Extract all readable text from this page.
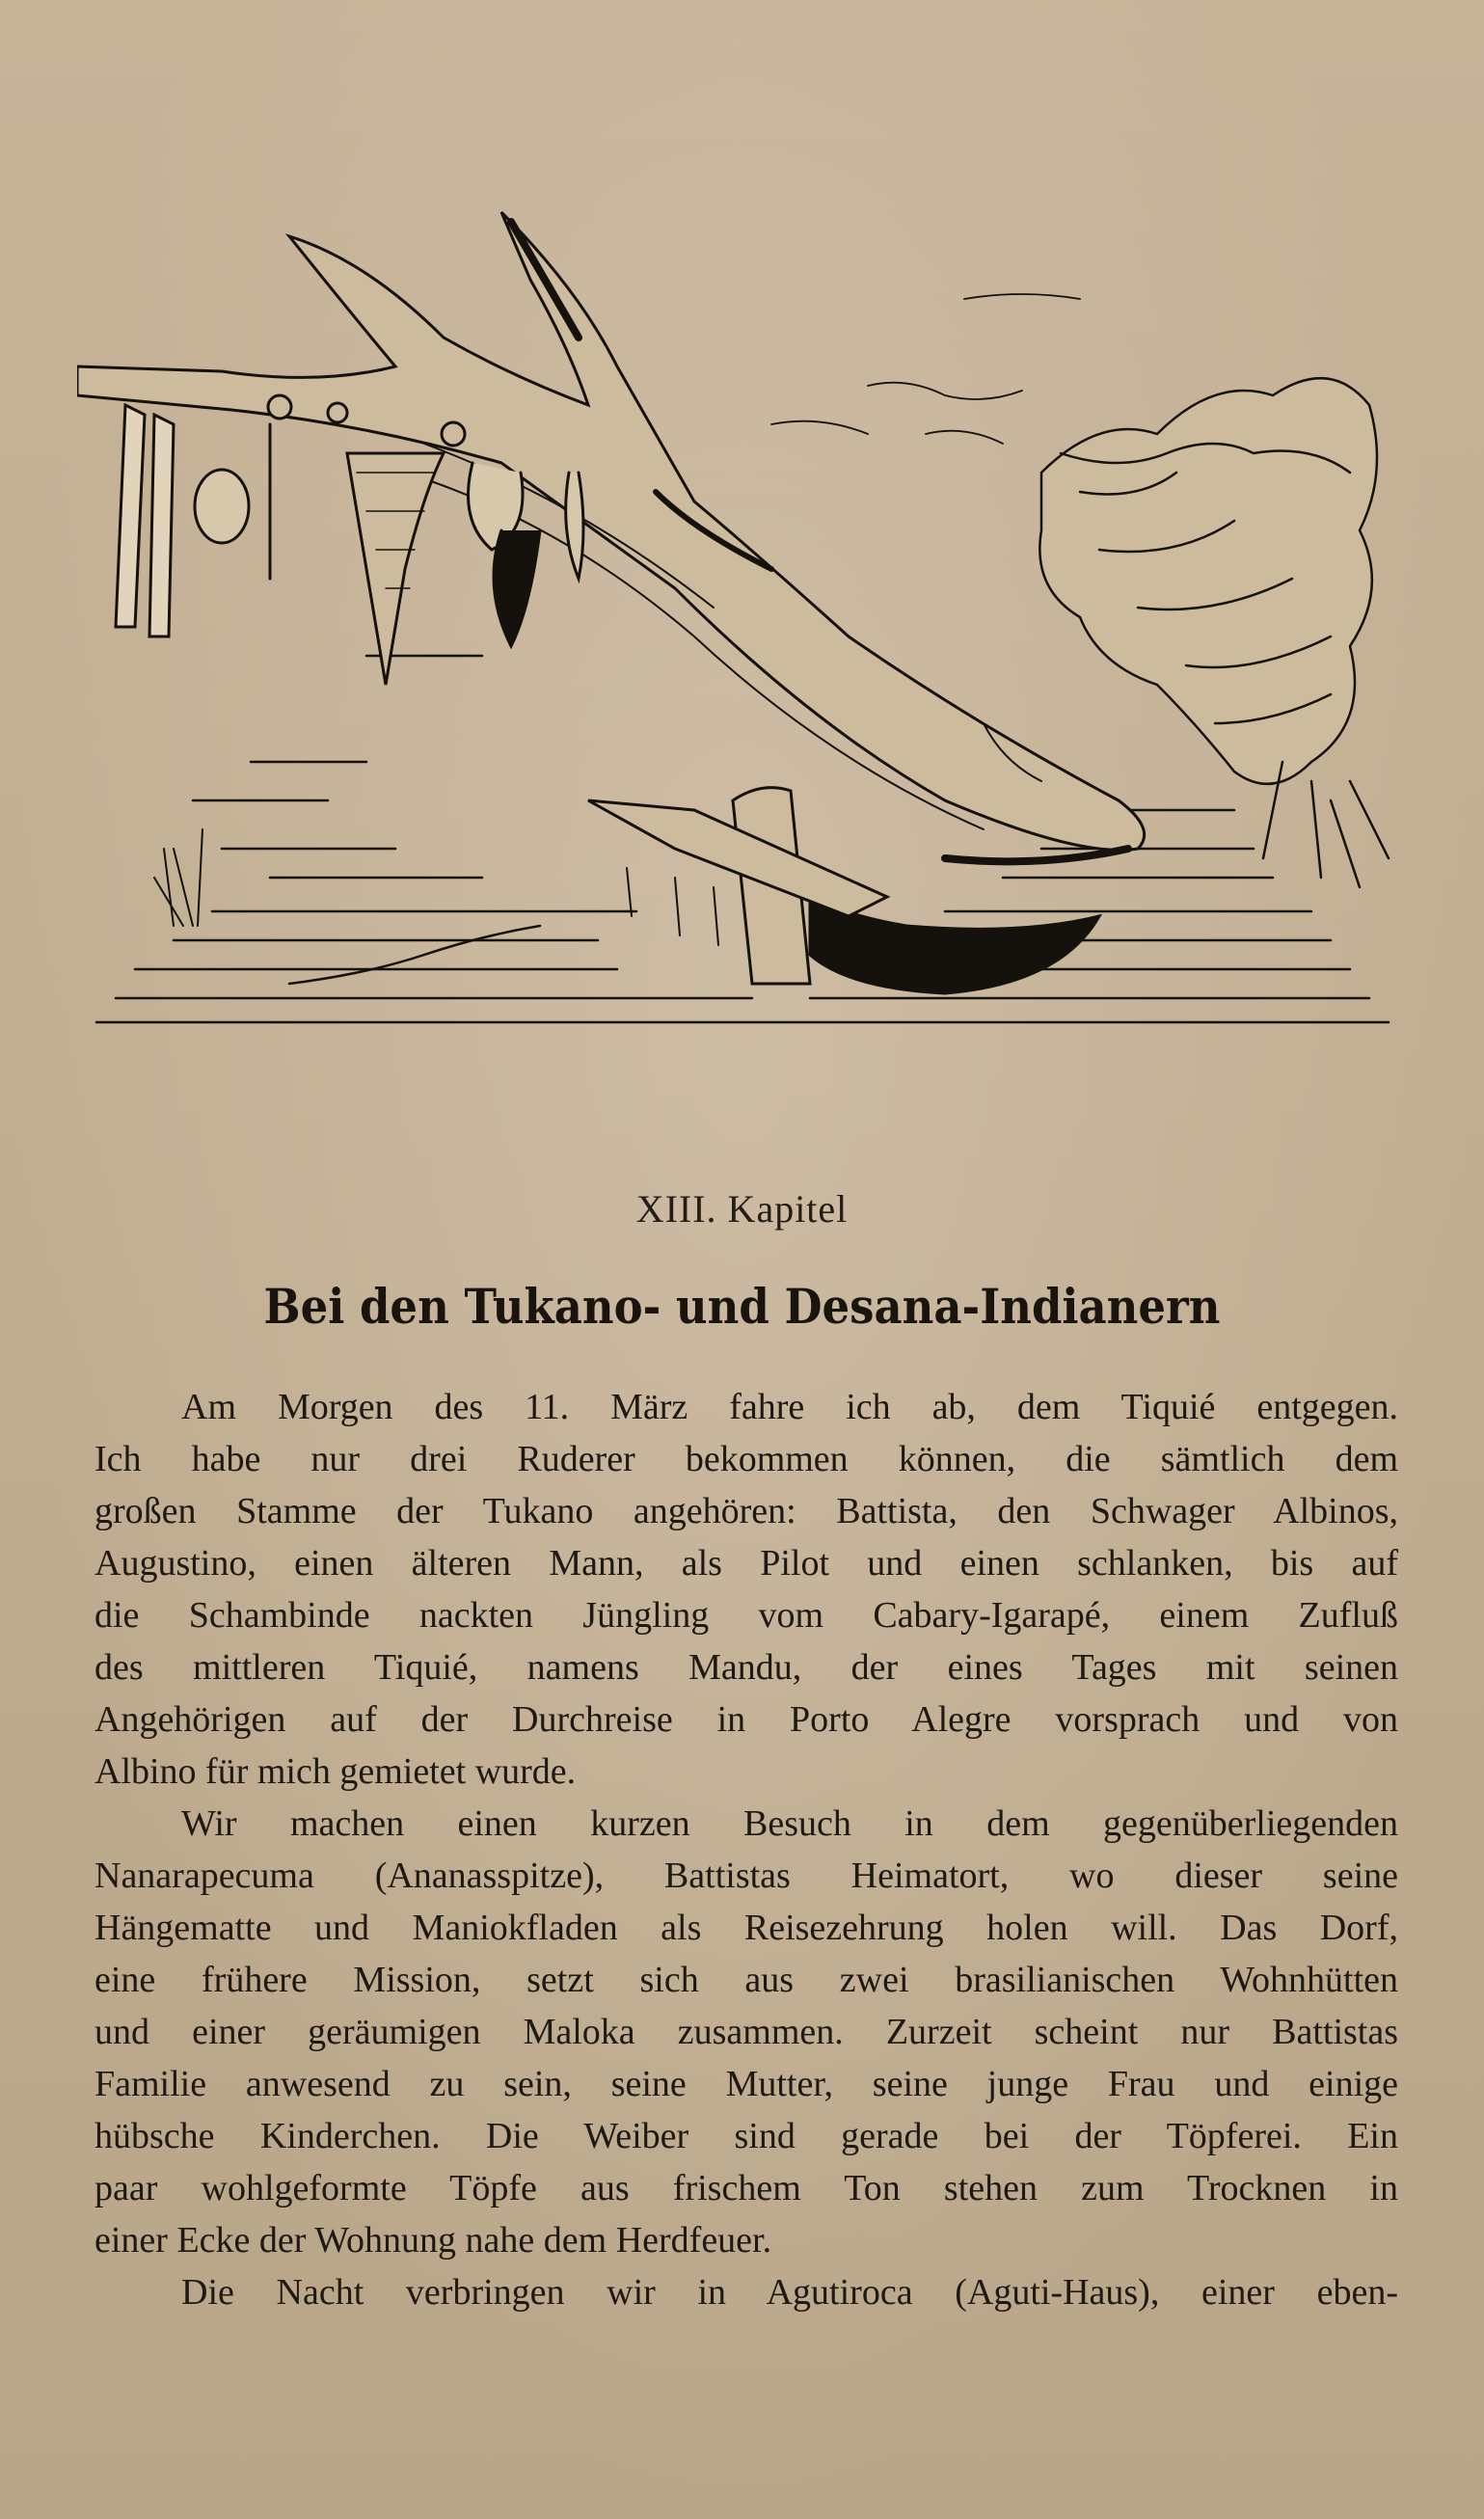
XIII. Kapitel
Bei den Tukano- und Desana-Indianern
Am Morgen des 11. März fahre ich ab, dem Tiquié entgegen.
Ich habe nur drei Ruderer bekommen können, die sämtlich dem
großen Stamme der Tukano angehören: Battista, den Schwager Albinos,
Augustino, einen älteren Mann, als Pilot und einen schlanken, bis auf
die Schambinde nackten Jüngling vom Cabary-Igarapé, einem Zufluß
des mittleren Tiquié, namens Mandu, der eines Tages mit seinen
Angehörigen auf der Durchreise in Porto Alegre vorsprach und von
Albino für mich gemietet wurde.
Wir machen einen kurzen Besuch in dem gegenüberliegenden
Nanarapecuma (Ananasspitze), Battistas Heimatort, wo dieser seine
Hängematte und Maniokfladen als Reisezehrung holen will. Das Dorf,
eine frühere Mission, setzt sich aus zwei brasilianischen Wohnhütten
und einer geräumigen Maloka zusammen. Zurzeit scheint nur Battistas
Familie anwesend zu sein, seine Mutter, seine junge Frau und einige
hübsche Kinderchen. Die Weiber sind gerade bei der Töpferei. Ein
paar wohlgeformte Töpfe aus frischem Ton stehen zum Trocknen in
einer Ecke der Wohnung nahe dem Herdfeuer.
Die Nacht verbringen wir in Agutiroca (Aguti-Haus), einer eben-
